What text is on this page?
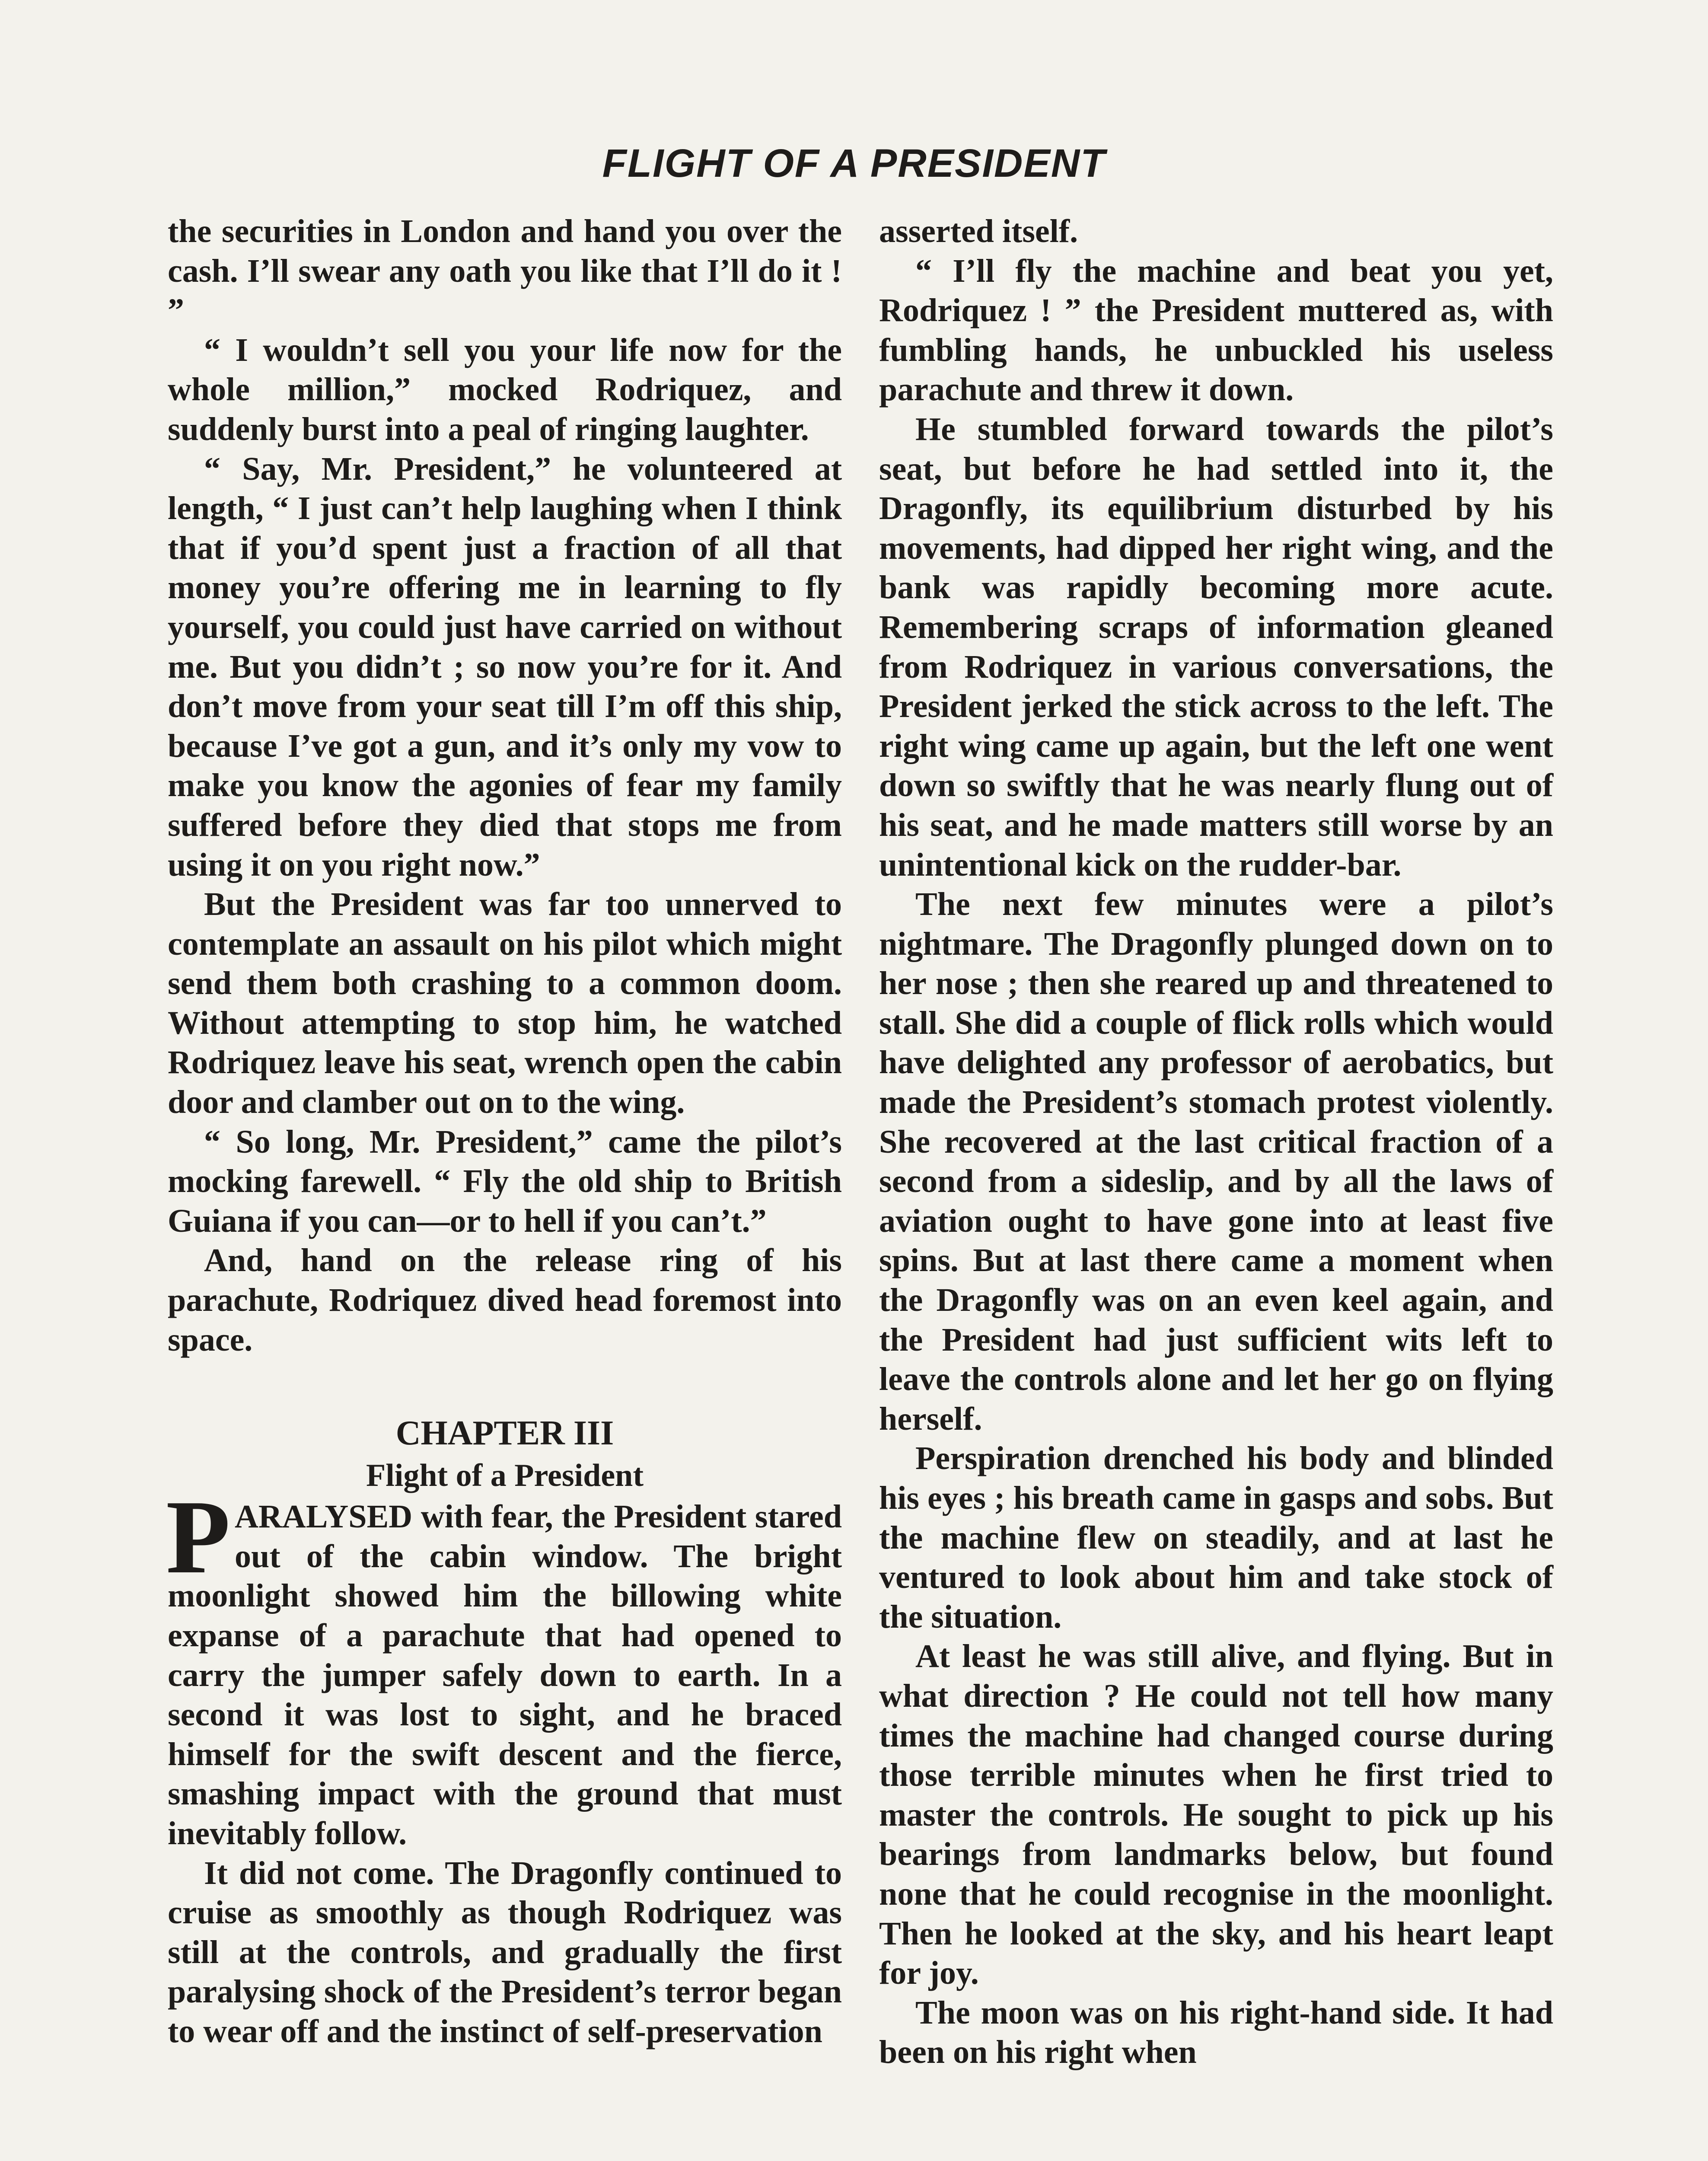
FLIGHT OF A PRESIDENT

the securities in London and hand you over the cash. I’ll swear any oath you like that I’ll do it ! ”

“ I wouldn’t sell you your life now for the whole million,” mocked Rodriquez, and suddenly burst into a peal of ringing laughter.

“ Say, Mr. President,” he volunteered at length, “ I just can’t help laughing when I think that if you’d spent just a fraction of all that money you’re offering me in learning to fly yourself, you could just have carried on without me. But you didn’t ; so now you’re for it. And don’t move from your seat till I’m off this ship, because I’ve got a gun, and it’s only my vow to make you know the agonies of fear my family suffered before they died that stops me from using it on you right now.”

But the President was far too unnerved to contemplate an assault on his pilot which might send them both crashing to a common doom. Without attempting to stop him, he watched Rodriquez leave his seat, wrench open the cabin door and clamber out on to the wing.

“ So long, Mr. President,” came the pilot’s mocking farewell. “ Fly the old ship to British Guiana if you can—or to hell if you can’t.”

And, hand on the release ring of his parachute, Rodriquez dived head foremost into space.

CHAPTER III
Flight of a President

PARALYSED with fear, the President stared out of the cabin window. The bright moonlight showed him the billowing white expanse of a parachute that had opened to carry the jumper safely down to earth. In a second it was lost to sight, and he braced himself for the swift descent and the fierce, smashing impact with the ground that must inevitably follow.

It did not come. The Dragonfly continued to cruise as smoothly as though Rodriquez was still at the controls, and gradually the first paralysing shock of the President’s terror began to wear off and the instinct of self-preservation

asserted itself.

“ I’ll fly the machine and beat you yet, Rodriquez ! ” the President muttered as, with fumbling hands, he unbuckled his useless parachute and threw it down.

He stumbled forward towards the pilot’s seat, but before he had settled into it, the Dragonfly, its equilibrium disturbed by his movements, had dipped her right wing, and the bank was rapidly becoming more acute. Remembering scraps of information gleaned from Rodriquez in various conversations, the President jerked the stick across to the left. The right wing came up again, but the left one went down so swiftly that he was nearly flung out of his seat, and he made matters still worse by an unintentional kick on the rudder-bar.

The next few minutes were a pilot’s nightmare. The Dragonfly plunged down on to her nose ; then she reared up and threatened to stall. She did a couple of flick rolls which would have delighted any professor of aerobatics, but made the President’s stomach protest violently. She recovered at the last critical fraction of a second from a sideslip, and by all the laws of aviation ought to have gone into at least five spins. But at last there came a moment when the Dragonfly was on an even keel again, and the President had just sufficient wits left to leave the controls alone and let her go on flying herself.

Perspiration drenched his body and blinded his eyes ; his breath came in gasps and sobs. But the machine flew on steadily, and at last he ventured to look about him and take stock of the situation.

At least he was still alive, and flying. But in what direction ? He could not tell how many times the machine had changed course during those terrible minutes when he first tried to master the controls. He sought to pick up his bearings from landmarks below, but found none that he could recognise in the moonlight. Then he looked at the sky, and his heart leapt for joy.

The moon was on his right-hand side. It had been on his right when
